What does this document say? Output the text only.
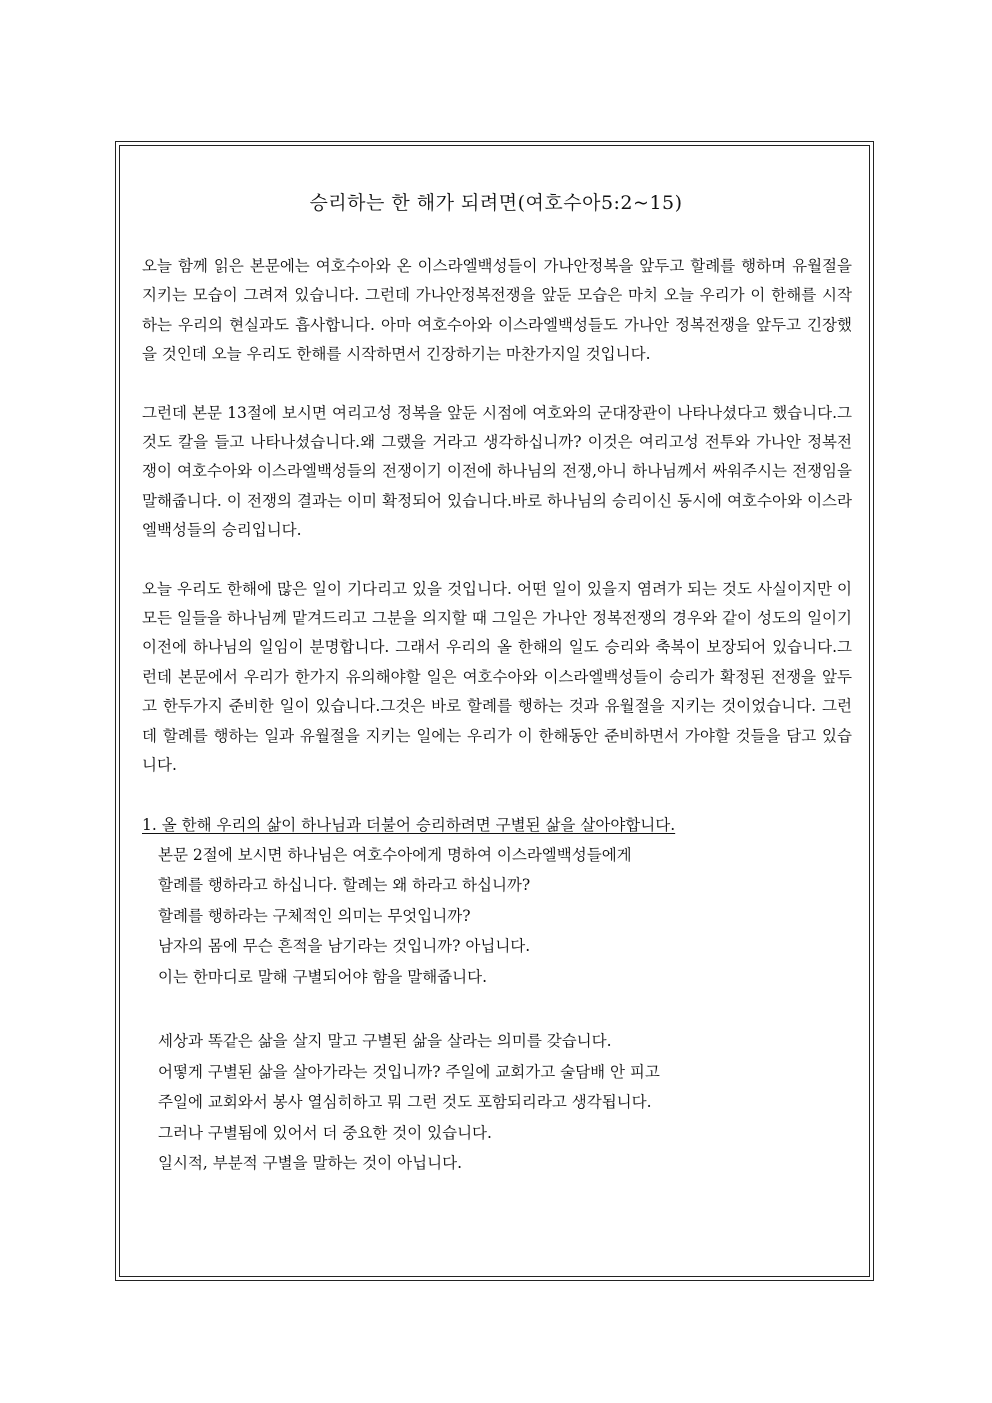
승리하는 한 해가 되려면(여호수아5:2~15)

오늘 함께 읽은 본문에는 여호수아와 온 이스라엘백성들이 가나안정복을 앞두고 할례를 행하며 유월절을 지키는 모습이 그려져 있습니다. 그런데 가나안정복전쟁을 앞둔 모습은 마치 오늘 우리가 이 한해를 시작하는 우리의 현실과도 흡사합니다. 아마 여호수아와 이스라엘백성들도 가나안 정복전쟁을 앞두고 긴장했을 것인데 오늘 우리도 한해를 시작하면서 긴장하기는 마찬가지일 것입니다.

그런데 본문 13절에 보시면 여리고성 정복을 앞둔 시점에 여호와의 군대장관이 나타나셨다고 했습니다.그것도 칼을 들고 나타나셨습니다.왜 그랬을 거라고 생각하십니까? 이것은 여리고성 전투와 가나안 정복전쟁이 여호수아와 이스라엘백성들의 전쟁이기 이전에 하나님의 전쟁,아니 하나님께서 싸워주시는 전쟁임을 말해줍니다. 이 전쟁의 결과는 이미 확정되어 있습니다.바로 하나님의 승리이신 동시에 여호수아와 이스라엘백성들의 승리입니다.

오늘 우리도 한해에 많은 일이 기다리고 있을 것입니다. 어떤 일이 있을지 염려가 되는 것도 사실이지만 이 모든 일들을 하나님께 맡겨드리고 그분을 의지할 때 그일은 가나안 정복전쟁의 경우와 같이 성도의 일이기 이전에 하나님의 일임이 분명합니다. 그래서 우리의 올 한해의 일도 승리와 축복이 보장되어 있습니다.그런데 본문에서 우리가 한가지 유의해야할 일은 여호수아와 이스라엘백성들이 승리가 확정된 전쟁을 앞두고 한두가지 준비한 일이 있습니다.그것은 바로 할례를 행하는 것과 유월절을 지키는 것이었습니다. 그런데 할례를 행하는 일과 유월절을 지키는 일에는 우리가 이 한해동안 준비하면서 가야할 것들을 담고 있습니다.

1. 올 한해 우리의 삶이 하나님과 더불어 승리하려면 구별된 삶을 살아야합니다.

본문 2절에 보시면 하나님은 여호수아에게 명하여 이스라엘백성들에게
할례를 행하라고 하십니다. 할례는 왜 하라고 하십니까?
할례를 행하라는 구체적인 의미는 무엇입니까?
남자의 몸에 무슨 흔적을 남기라는 것입니까? 아닙니다.
이는 한마디로 말해 구별되어야 함을 말해줍니다.
세상과 똑같은 삶을 살지 말고 구별된 삶을 살라는 의미를 갖습니다.
어떻게 구별된 삶을 살아가라는 것입니까? 주일에 교회가고 술담배 안 피고
주일에 교회와서 봉사 열심히하고 뭐 그런 것도 포함되리라고 생각됩니다.
그러나 구별됨에 있어서 더 중요한 것이 있습니다.
일시적, 부분적 구별을 말하는 것이 아닙니다.
